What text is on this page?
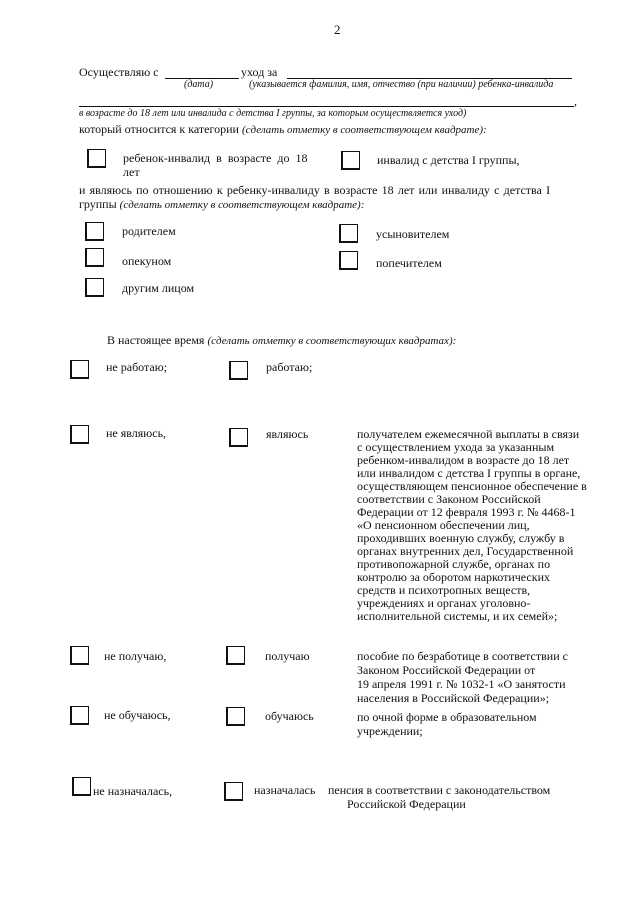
2
Осуществляю с	уход за
(дата)	(указывается фамилия, имя, отчество (при наличии) ребенка-инвалида
,
в возрасте до 18 лет или инвалида с детства I группы, за которым осуществляется уход)
который относится к категории (сделать отметку в соответствующем квадрате):
ребенок-инвалид в возрасте до 18
лет
инвалид с детства I группы,
и являюсь по отношению к ребенку-инвалиду в возрасте 18 лет или инвалиду с детства I
группы (сделать отметку в соответствующем квадрате):
родителем	усыновителем
опекуном	попечителем
другим лицом
В настоящее время (сделать отметку в соответствующих квадратах):
не работаю;	работаю;
не являюсь,	являюсь	получателем ежемесячной выплаты в связи
с осуществлением ухода за указанным
ребенком-инвалидом в возрасте до 18 лет
или инвалидом с детства I группы в органе,
осуществляющем пенсионное обеспечение в
соответствии с Законом Российской
Федерации от 12 февраля 1993 г. № 4468-1
«О пенсионном обеспечении лиц,
проходивших военную службу, службу в
органах внутренних дел, Государственной
противопожарной службе, органах по
контролю за оборотом наркотических
средств и психотропных веществ,
учреждениях и органах уголовно-
исполнительной системы, и их семей»;
не получаю,	получаю	пособие по безработице в соответствии с
Законом Российской Федерации от
19 апреля 1991 г. № 1032-1 «О занятости
населения в Российской Федерации»;
не обучаюсь,	обучаюсь	по очной форме в образовательном
учреждении;
не назначалась,	назначалась пенсия в соответствии с законодательством
Российской Федерации
